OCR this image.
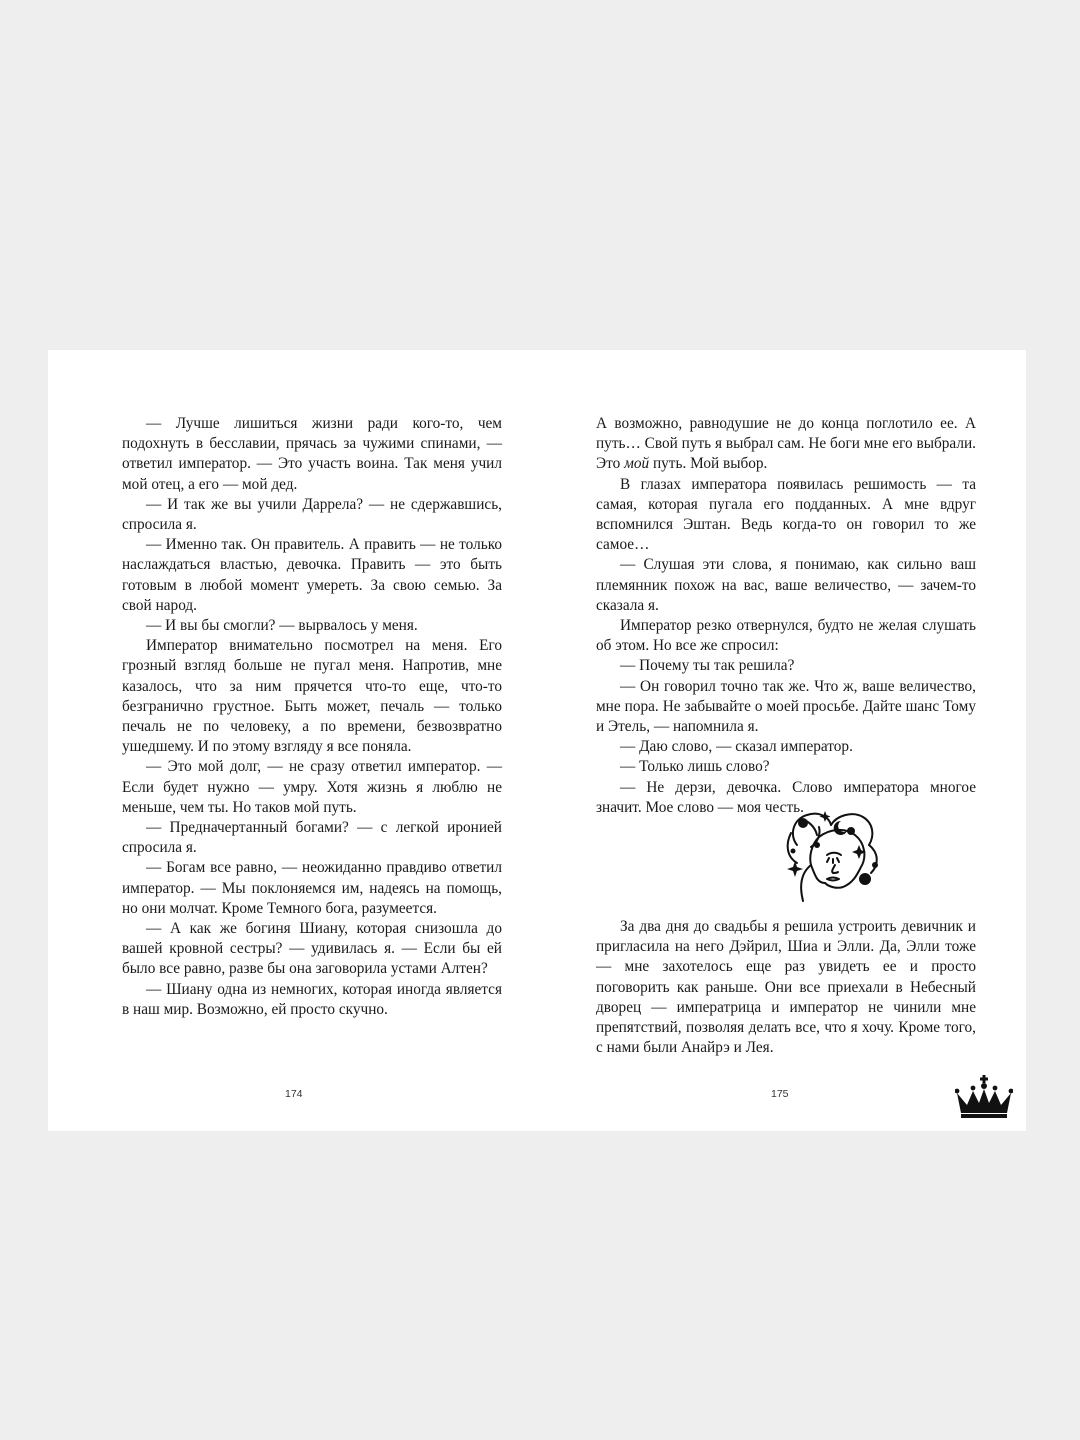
— Лучше лишиться жизни ради кого-то, чем подохнуть в бесславии, прячась за чужими спинами, — ответил император. — Это участь воина. Так меня учил мой отец, а его — мой дед.

— И так же вы учили Даррела? — не сдержавшись, спросила я.

— Именно так. Он правитель. А править — не только наслаждаться властью, девочка. Править — это быть готовым в любой момент умереть. За свою семью. За свой народ.

— И вы бы смогли? — вырвалось у меня.

Император внимательно посмотрел на меня. Его грозный взгляд больше не пугал меня. Напротив, мне казалось, что за ним прячется что-то еще, что-то безгранично грустное. Быть может, печаль — только печаль не по человеку, а по времени, безвозвратно ушедшему. И по этому взгляду я все поняла.

— Это мой долг, — не сразу ответил император. — Если будет нужно — умру. Хотя жизнь я люблю не меньше, чем ты. Но таков мой путь.

— Предначертанный богами? — с легкой иронией спросила я.

— Богам все равно, — неожиданно правдиво ответил император. — Мы поклоняемся им, надеясь на помощь, но они молчат. Кроме Темного бога, разумеется.

— А как же богиня Шиану, которая снизошла до вашей кровной сестры? — удивилась я. — Если бы ей было все равно, разве бы она заговорила устами Алтен?

— Шиану одна из немногих, которая иногда является в наш мир. Возможно, ей просто скучно.

174

А возможно, равнодушие не до конца поглотило ее. А путь… Свой путь я выбрал сам. Не боги мне его выбрали. Это мой путь. Мой выбор.

В глазах императора появилась решимость — та самая, которая пугала его подданных. А мне вдруг вспомнился Эштан. Ведь когда-то он говорил то же самое…

— Слушая эти слова, я понимаю, как сильно ваш племянник похож на вас, ваше величество, — зачем-то сказала я.

Император резко отвернулся, будто не желая слушать об этом. Но все же спросил:

— Почему ты так решила?

— Он говорил точно так же. Что ж, ваше величество, мне пора. Не забывайте о моей просьбе. Дайте шанс Тому и Этель, — напомнила я.

— Даю слово, — сказал император.

— Только лишь слово?

— Не дерзи, девочка. Слово императора многое значит. Мое слово — моя честь.

За два дня до свадьбы я решила устроить девичник и пригласила на него Дэйрил, Шиа и Элли. Да, Элли тоже — мне захотелось еще раз увидеть ее и просто поговорить как раньше. Они все приехали в Небесный дворец — императрица и император не чинили мне препятствий, позволяя делать все, что я хочу. Кроме того, с нами были Анайрэ и Лея.

175
